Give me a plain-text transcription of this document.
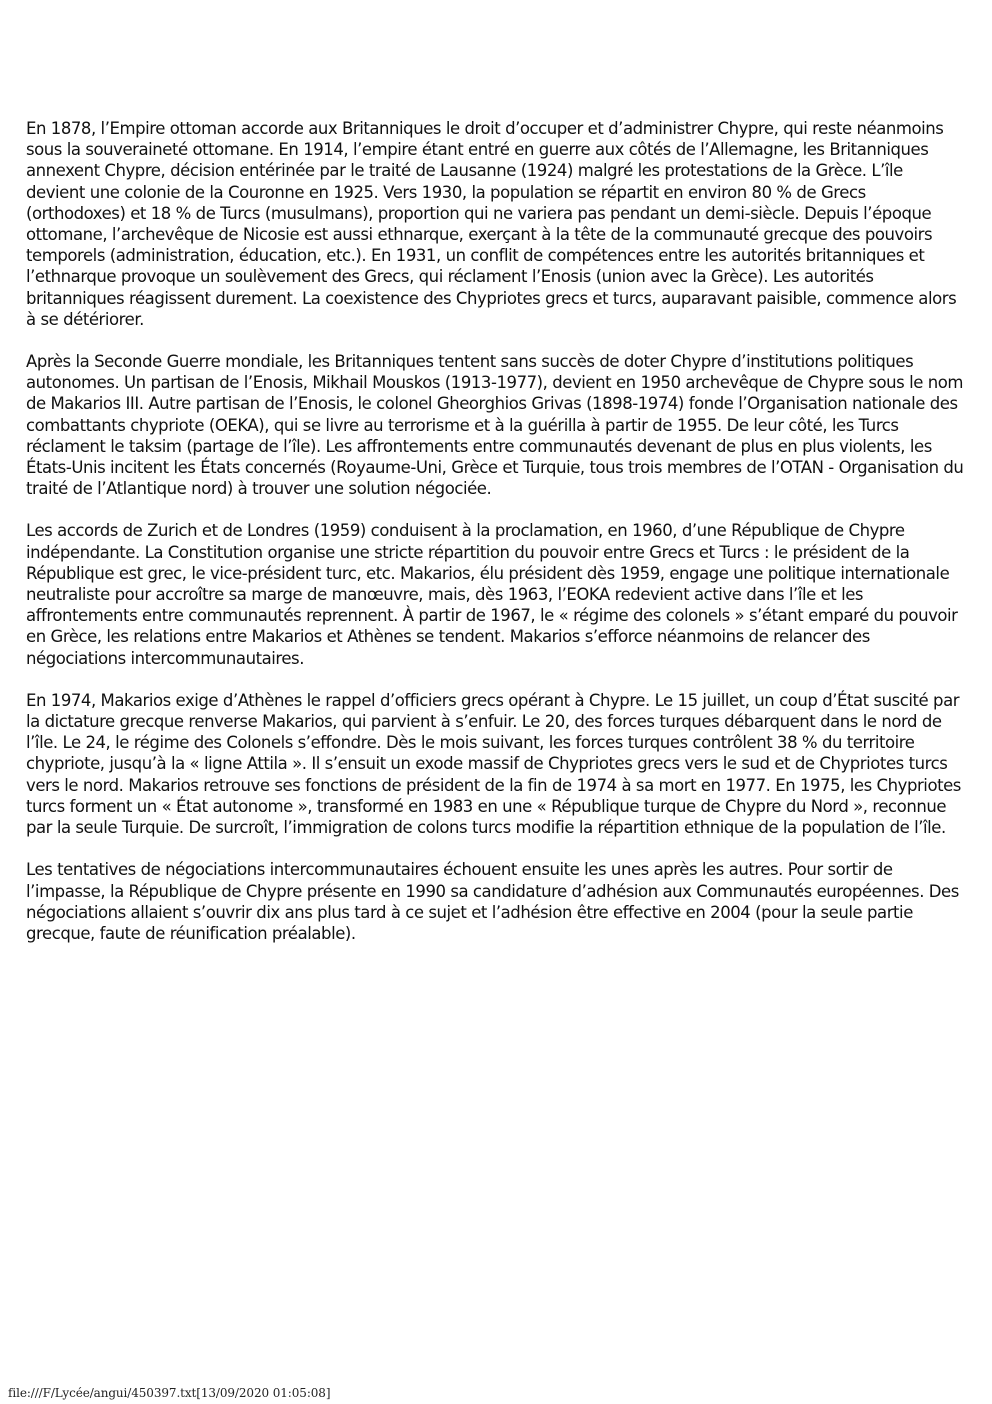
En 1878, l’Empire ottoman accorde aux Britanniques le droit d’occuper et d’administrer Chypre, qui reste néanmoins sous la souveraineté ottomane. En 1914, l’empire étant entré en guerre aux côtés de l’Allemagne, les Britanniques annexent Chypre, décision entérinée par le traité de Lausanne (1924) malgré les protestations de la Grèce. L’île devient une colonie de la Couronne en 1925. Vers 1930, la population se répartit en environ 80 % de Grecs (orthodoxes) et 18 % de Turcs (musulmans), proportion qui ne variera pas pendant un demi-siècle. Depuis l’époque ottomane, l’archevêque de Nicosie est aussi ethnarque, exerçant à la tête de la communauté grecque des pouvoirs temporels (administration, éducation, etc.). En 1931, un conflit de compétences entre les autorités britanniques et l’ethnarque provoque un soulèvement des Grecs, qui réclament l’Enosis (union avec la Grèce). Les autorités britanniques réagissent durement. La coexistence des Chypriotes grecs et turcs, auparavant paisible, commence alors à se détériorer.

Après la Seconde Guerre mondiale, les Britanniques tentent sans succès de doter Chypre d’institutions politiques autonomes. Un partisan de l’Enosis, Mikhail Mouskos (1913-1977), devient en 1950 archevêque de Chypre sous le nom de Makarios III. Autre partisan de l’Enosis, le colonel Gheorghios Grivas (1898-1974) fonde l’Organisation nationale des combattants chypriote (OEKA), qui se livre au terrorisme et à la guérilla à partir de 1955. De leur côté, les Turcs réclament le taksim (partage de l’île). Les affrontements entre communautés devenant de plus en plus violents, les États-Unis incitent les États concernés (Royaume-Uni, Grèce et Turquie, tous trois membres de l’OTAN - Organisation du traité de l’Atlantique nord) à trouver une solution négociée.

Les accords de Zurich et de Londres (1959) conduisent à la proclamation, en 1960, d’une République de Chypre indépendante. La Constitution organise une stricte répartition du pouvoir entre Grecs et Turcs : le président de la République est grec, le vice-président turc, etc. Makarios, élu président dès 1959, engage une politique internationale neutraliste pour accroître sa marge de manœuvre, mais, dès 1963, l’EOKA redevient active dans l’île et les affrontements entre communautés reprennent. À partir de 1967, le « régime des colonels » s’étant emparé du pouvoir en Grèce, les relations entre Makarios et Athènes se tendent. Makarios s’efforce néanmoins de relancer des négociations intercommunautaires.

En 1974, Makarios exige d’Athènes le rappel d’officiers grecs opérant à Chypre. Le 15 juillet, un coup d’État suscité par la dictature grecque renverse Makarios, qui parvient à s’enfuir. Le 20, des forces turques débarquent dans le nord de l’île. Le 24, le régime des Colonels s’effondre. Dès le mois suivant, les forces turques contrôlent 38 % du territoire chypriote, jusqu’à la « ligne Attila ». Il s’ensuit un exode massif de Chypriotes grecs vers le sud et de Chypriotes turcs vers le nord. Makarios retrouve ses fonctions de président de la fin de 1974 à sa mort en 1977. En 1975, les Chypriotes turcs forment un « État autonome », transformé en 1983 en une « République turque de Chypre du Nord », reconnue par la seule Turquie. De surcroît, l’immigration de colons turcs modifie la répartition ethnique de la population de l’île.

Les tentatives de négociations intercommunautaires échouent ensuite les unes après les autres. Pour sortir de l’impasse, la République de Chypre présente en 1990 sa candidature d’adhésion aux Communautés européennes. Des négociations allaient s’ouvrir dix ans plus tard à ce sujet et l’adhésion être effective en 2004 (pour la seule partie grecque, faute de réunification préalable).

file:///F/Lycée/angui/450397.txt[13/09/2020 01:05:08]
